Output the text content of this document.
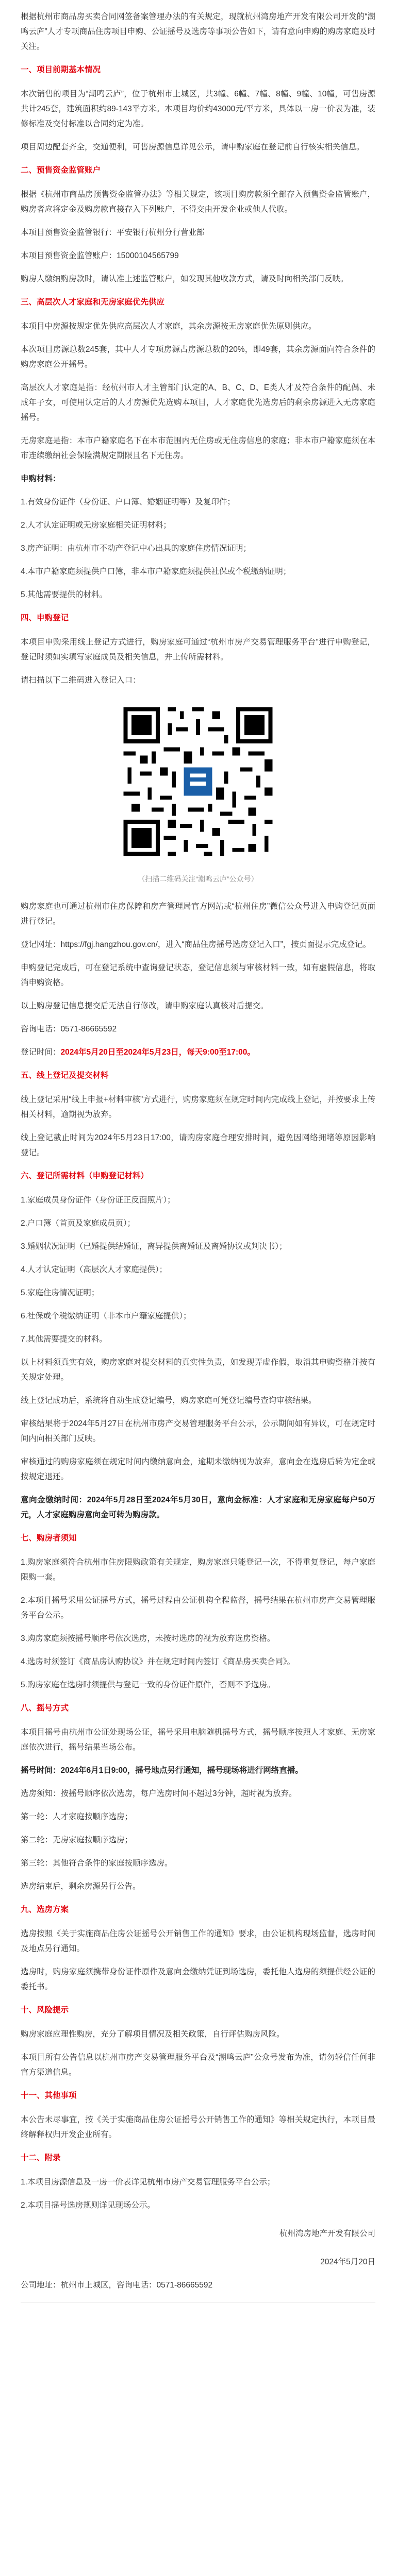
根据杭州市商品房买卖合同网签备案管理办法的有关规定，现就杭州湾房地产开发有限公司开发的“潮鸣云庐”人才专项商品住房项目申购、公证摇号及选房等事项公告如下，请有意向申购的购房家庭及时关注。

一、项目前期基本情况

本次销售的项目为“潮鸣云庐”，位于杭州市上城区，共3幢、6幢、7幢、8幢、9幢、10幢，可售房源共计245套，建筑面积约89-143平方米。本项目均价约43000元/平方米，具体以一房一价表为准，装修标准及交付标准以合同约定为准。

项目周边配套齐全，交通便利，可售房源信息详见公示，请申购家庭在登记前自行核实相关信息。

二、预售资金监管账户

根据《杭州市商品房预售资金监管办法》等相关规定，该项目购房款须全部存入预售资金监管账户，购房者应将定金及购房款直接存入下列账户，不得交由开发企业或他人代收。

本项目预售资金监管银行：平安银行杭州分行营业部

本项目预售资金监管账户：15000104565799

购房人缴纳购房款时，请认准上述监管账户，如发现其他收款方式，请及时向相关部门反映。

三、高层次人才家庭和无房家庭优先供应

本项目中房源按规定优先供应高层次人才家庭，其余房源按无房家庭优先原则供应。

本次项目房源总数245套，其中人才专项房源占房源总数的20%，即49套，其余房源面向符合条件的购房家庭公开摇号。

高层次人才家庭是指：经杭州市人才主管部门认定的A、B、C、D、E类人才及符合条件的配偶、未成年子女，可使用认定后的人才房源优先选购本项目，人才家庭优先选房后的剩余房源进入无房家庭摇号。

无房家庭是指：本市户籍家庭名下在本市范围内无住房或无住房信息的家庭；非本市户籍家庭须在本市连续缴纳社会保险满规定期限且名下无住房。

申购材料：

1.有效身份证件（身份证、户口簿、婚姻证明等）及复印件；

2.人才认定证明或无房家庭相关证明材料；

3.房产证明：由杭州市不动产登记中心出具的家庭住房情况证明；

4.本市户籍家庭须提供户口簿，非本市户籍家庭须提供社保或个税缴纳证明；

5.其他需要提供的材料。

四、申购登记

本项目申购采用线上登记方式进行，购房家庭可通过“杭州市房产交易管理服务平台”进行申购登记，登记时须如实填写家庭成员及相关信息，并上传所需材料。

请扫描以下二维码进入登记入口：

（扫描二维码关注“潮鸣云庐”公众号）

购房家庭也可通过杭州市住房保障和房产管理局官方网站或“杭州住房”微信公众号进入申购登记页面进行登记。

登记网址：https://fgj.hangzhou.gov.cn/，进入“商品住房摇号选房登记入口”，按页面提示完成登记。

申购登记完成后，可在登记系统中查询登记状态，登记信息须与审核材料一致，如有虚假信息，将取消申购资格。

以上购房登记信息提交后无法自行修改，请申购家庭认真核对后提交。

咨询电话：0571-86665592

登记时间：2024年5月20日至2024年5月23日，每天9:00至17:00。

五、线上登记及提交材料

线上登记采用“线上申报+材料审核”方式进行，购房家庭须在规定时间内完成线上登记，并按要求上传相关材料，逾期视为放弃。

线上登记截止时间为2024年5月23日17:00，请购房家庭合理安排时间，避免因网络拥堵等原因影响登记。

六、登记所需材料（申购登记材料）

1.家庭成员身份证件（身份证正反面照片）；

2.户口簿（首页及家庭成员页）；

3.婚姻状况证明（已婚提供结婚证，离异提供离婚证及离婚协议或判决书）；

4.人才认定证明（高层次人才家庭提供）；

5.家庭住房情况证明；

6.社保或个税缴纳证明（非本市户籍家庭提供）；

7.其他需要提交的材料。

以上材料须真实有效，购房家庭对提交材料的真实性负责，如发现弄虚作假，取消其申购资格并按有关规定处理。

线上登记成功后，系统将自动生成登记编号，购房家庭可凭登记编号查询审核结果。

审核结果将于2024年5月27日在杭州市房产交易管理服务平台公示，公示期间如有异议，可在规定时间内向相关部门反映。

审核通过的购房家庭须在规定时间内缴纳意向金，逾期未缴纳视为放弃，意向金在选房后转为定金或按规定退还。

意向金缴纳时间：2024年5月28日至2024年5月30日，意向金标准：人才家庭和无房家庭每户50万元，人才家庭购房意向金可转为购房款。

七、购房者须知

1.购房家庭须符合杭州市住房限购政策有关规定，购房家庭只能登记一次，不得重复登记，每户家庭限购一套。

2.本项目摇号采用公证摇号方式，摇号过程由公证机构全程监督，摇号结果在杭州市房产交易管理服务平台公示。

3.购房家庭须按摇号顺序号依次选房，未按时选房的视为放弃选房资格。

4.选房时须签订《商品房认购协议》并在规定时间内签订《商品房买卖合同》。

5.购房家庭在选房时须提供与登记一致的身份证件原件，否则不予选房。

八、摇号方式

本项目摇号由杭州市公证处现场公证，摇号采用电脑随机摇号方式，摇号顺序按照人才家庭、无房家庭依次进行，摇号结果当场公布。

摇号时间：2024年6月1日9:00，摇号地点另行通知，摇号现场将进行网络直播。

选房须知：按摇号顺序依次选房，每户选房时间不超过3分钟，超时视为放弃。

第一轮：人才家庭按顺序选房；

第二轮：无房家庭按顺序选房；

第三轮：其他符合条件的家庭按顺序选房。

选房结束后，剩余房源另行公告。

九、选房方案

选房按照《关于实施商品住房公证摇号公开销售工作的通知》要求，由公证机构现场监督，选房时间及地点另行通知。

选房时，购房家庭须携带身份证件原件及意向金缴纳凭证到场选房，委托他人选房的须提供经公证的委托书。

十、风险提示

购房家庭应理性购房，充分了解项目情况及相关政策，自行评估购房风险。

本项目所有公告信息以杭州市房产交易管理服务平台及“潮鸣云庐”公众号发布为准，请勿轻信任何非官方渠道信息。

十一、其他事项

本公告未尽事宜，按《关于实施商品住房公证摇号公开销售工作的通知》等相关规定执行，本项目最终解释权归开发企业所有。

十二、附录

1.本项目房源信息及一房一价表详见杭州市房产交易管理服务平台公示；

2.本项目摇号选房规则详见现场公示。

杭州湾房地产开发有限公司

2024年5月20日

公司地址：杭州市上城区，咨询电话：0571-86665592
